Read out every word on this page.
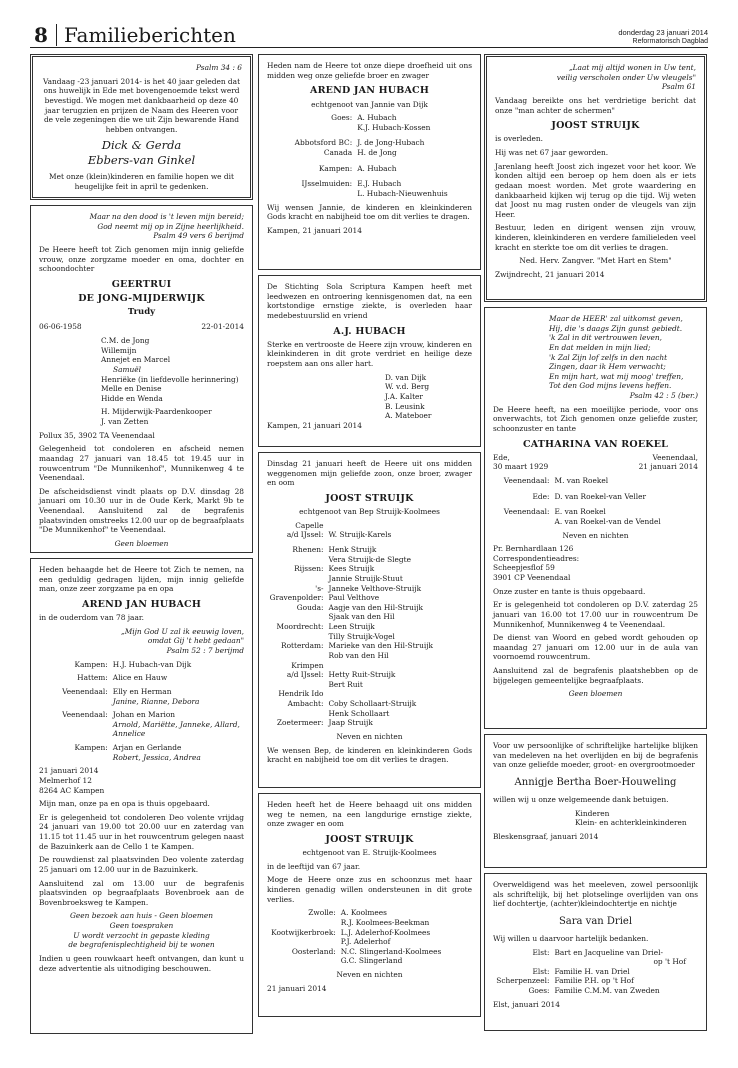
8 Familieberichten	donderdag 23 januari 2014
Reformatorisch Dagblad
Psalm 34 : 6
Vandaag -23 januari 2014- is het 40 jaar geleden dat ons huwelijk in Ede met bovengenoemde tekst werd bevestigd. We mogen met dankbaarheid op deze 40 jaar terugzien en prijzen de Naam des Heeren voor de vele zegeningen die we uit Zijn bewarende Hand hebben ontvangen.
Dick & Gerda
Ebbers-van Ginkel
Met onze (klein)kinderen en familie hopen we dit heugelijke feit in april te gedenken.
Graafschap 29-01, 8261 LB Kampen
Maar na den dood is 't leven mijn bereid;
God neemt mij op in Zijne heerlijkheid.
Psalm 49 vers 6 berijmd
De Heere heeft tot Zich genomen mijn innig geliefde vrouw, onze zorgzame moeder en oma, dochter en schoondochter
GEERTRUI
DE JONG-MIJDERWIJK
Trudy
06-06-1958	22-01-2014
C.M. de Jong
Willemijn
Annejet en Marcel
Samuël
Henriëke (in liefdevolle herinnering)
Melle en Denise
Hidde en Wenda
H. Mijderwijk-Paardenkooper
J. van Zetten
Pollux 35, 3902 TA Veenendaal
Gelegenheid tot condoleren en afscheid nemen maandag 27 januari van 18.45 tot 19.45 uur in rouwcentrum "De Munnikenhof", Munnikenweg 4 te Veenendaal.
De afscheidsdienst vindt plaats op D.V. dinsdag 28 januari om 10.30 uur in de Oude Kerk, Markt 9b te Veenendaal. Aansluitend zal de begrafenis plaatsvinden omstreeks 12.00 uur op de begraafplaats "De Munnikenhof" te Veenendaal.
Geen bloemen
Heden behaagde het de Heere tot Zich te nemen, na een geduldig gedragen lijden, mijn innig geliefde man, onze zeer zorgzame pa en opa
AREND JAN HUBACH
in de ouderdom van 78 jaar.
„Mijn God U zal ik eeuwig loven,
omdat Gij 't hebt gedaan"
Psalm 52 : 7 berijmd
Kampen: H.J. Hubach-van Dijk
Hattem: Alice en Hauw
Veenendaal: Elly en Herman
Janine, Rianne, Debora
Veenendaal: Johan en Marion
Arnold, Mariëtte, Janneke, Allard, Annelice
Kampen: Arjan en Gerlande
Robert, Jessica, Andrea
21 januari 2014
Melmerhof 12
8264 AC Kampen
Mijn man, onze pa en opa is thuis opgebaard.
Er is gelegenheid tot condoleren Deo volente vrijdag 24 januari van 19.00 tot 20.00 uur en zaterdag van 11.15 tot 11.45 uur in het rouwcentrum gelegen naast de Bazuinkerk aan de Cello 1 te Kampen.
De rouwdienst zal plaatsvinden Deo volente zaterdag 25 januari om 12.00 uur in de Bazuinkerk.
Aansluitend zal om 13.00 uur de begrafenis plaatsvinden op begraafplaats Bovenbroek aan de Bovenbroeksweg te Kampen.
Geen bezoek aan huis - Geen bloemen
Geen toespraken
U wordt verzocht in gepaste kleding
de begrafenisplechtigheid bij te wonen
Indien u geen rouwkaart heeft ontvangen, dan kunt u deze advertentie als uitnodiging beschouwen.
Heden nam de Heere tot onze diepe droefheid uit ons midden weg onze geliefde broer en zwager
AREND JAN HUBACH
echtgenoot van Jannie van Dijk
Goes: A. Hubach
K.J. Hubach-Kossen
Abbotsford BC: J. de Jong-Hubach
Canada H. de Jong
Kampen: A. Hubach
IJsselmuiden: E.J. Hubach
L. Hubach-Nieuwenhuis
Wij wensen Jannie, de kinderen en kleinkinderen Gods kracht en nabijheid toe om dit verlies te dragen.
Kampen, 21 januari 2014
De Stichting Sola Scriptura Kampen heeft met leedwezen en ontroering kennisgenomen dat, na een kortstondige ernstige ziekte, is overleden haar medebestuurslid en vriend
A.J. HUBACH
Sterke en vertroostе de Heere zijn vrouw, kinderen en kleinkinderen in dit grote verdriet en heilige deze roepstem aan ons aller hart.
D. van Dijk
W. v.d. Berg
J.A. Kalter
B. Leusink
A. Mateboer
Kampen, 21 januari 2014
Dinsdag 21 januari heeft de Heere uit ons midden weggenomen mijn geliefde zoon, onze broer, zwager en oom
JOOST STRUIJK
echtgenoot van Bep Struijk-Koolmees
Capelle
a/d IJssel: W. Struijk-Karels
Rhenen: Henk Struijk
Vera Struijk-de Slegte
Rijssen: Kees Struijk
Jannie Struijk-Stuut
's-Gravenpolder:
Janneke Velthove-Struijk
Paul Velthove
Gouda: Aagje van den Hil-Struijk
Sjaak van den Hil
Moordrecht: Leen Struijk
Tilly Struijk-Vogel
Rotterdam: Marieke van den Hil-Struijk
Rob van den Hil
Krimpen
a/d IJssel: Hetty Ruit-Struijk
Bert Ruit
Hendrik Ido
Ambacht: Coby Schollaart-Struijk
Henk Schollaart
Zoetermeer: Jaap Struijk
Neven en nichten
We wensen Bep, de kinderen en kleinkinderen Gods kracht en nabijheid toe om dit verlies te dragen.
Heden heeft het de Heere behaagd uit ons midden weg te nemen, na een langdurige ernstige ziekte, onze zwager en oom
JOOST STRUIJK
echtgenoot van E. Struijk-Koolmees
in de leeftijd van 67 jaar.
Moge de Heere onze zus en schoonzus met haar kinderen genadig willen ondersteunen in dit grote verlies.
Zwolle: A. Koolmees
R.J. Koolmees-Beekman
Kootwijkerbroek: L.J. Adelerhof-Koolmees
P.J. Adelerhof
Oosterland: N.C. Slingerland-Koolmees
G.C. Slingerland
Neven en nichten
21 januari 2014
„Laat mij altijd wonen in Uw tent,
veilig verscholen onder Uw vleugels"
Psalm 61
Vandaag bereikte ons het verdrietige bericht dat onze "man achter de schermen"
JOOST STRUIJK
is overleden.
Hij was net 67 jaar geworden.
Jarenlang heeft Joost zich ingezet voor het koor. We konden altijd een beroep op hem doen als er iets gedaan moest worden. Met grote waardering en dankbaarheid kijken wij terug op die tijd. Wij weten dat Joost nu mag rusten onder de vleugels van zijn Heer.
Bestuur, leden en dirigent wensen zijn vrouw, kinderen, kleinkinderen en verdere familieleden veel kracht en sterkte toe om dit verlies te dragen.
Ned. Herv. Zangver. "Met Hart en Stem"
Zwijndrecht, 21 januari 2014
Maar de HEER' zal uitkomst geven,
Hij, die 's daags Zijn gunst gebiedt.
'k Zal in dit vertrouwen leven,
En dat melden in mijn lied;
'k Zal Zijn lof zelfs in den nacht
Zingen, daar ik Hem verwacht;
En mijn hart, wat mij moog' treffen,
Tot den God mijns levens heffen.
Psalm 42 : 5 (ber.)
De Heere heeft, na een moeilijke periode, voor ons onverwachts, tot Zich genomen onze geliefde zuster, schoonzuster en tante
CATHARINA VAN ROEKEL
Ede,	Veenendaal,
30 maart 1929	21 januari 2014
Veenendaal: M. van Roekel
Ede: D. van Roekel-van Veller
Veenendaal: E. van Roekel
A. van Roekel-van de Vendel
Neven en nichten
Pr. Bernhardlaan 126
Correspondentieadres:
Scheepjesflof 59
3901 CP Veenendaal
Onze zuster en tante is thuis opgebaard.
Er is gelegenheid tot condoleren op D.V. zaterdag 25 januari van 16.00 tot 17.00 uur in rouwcentrum De Munnikenhof, Munnikenweg 4 te Veenendaal.
De dienst van Woord en gebed wordt gehouden op maandag 27 januari om 12.00 uur in de aula van voornoemd rouwcentrum.
Aansluitend zal de begrafenis plaatshebben op de bijgelegen gemeentelijke begraafplaats.
Geen bloemen
Voor uw persoonlijke of schriftelijke hartelijke blijken van medeleven na het overlijden en bij de begrafenis van onze geliefde moeder, groot- en overgrootmoeder
Annigje Bertha Boer-Houweling
willen wij u onze welgemeende dank betuigen.
Kinderen
Klein- en achterkleinkinderen
Bleskensgraaf, januari 2014
Overweldigend was het meeleven, zowel persoonlijk als schriftelijk, bij het plotselinge overlijden van ons lief dochtertje, (achter)kleindochtertje en nichtje
Sara van Driel
Wij willen u daarvoor hartelijk bedanken.
Elst: Bart en Jacqueline van Driel-
op 't Hof
Elst: Familie H. van Driel
Scherpenzeel: Familie P.H. op 't Hof
Goes: Familie C.M.M. van Zweden
Elst, januari 2014
